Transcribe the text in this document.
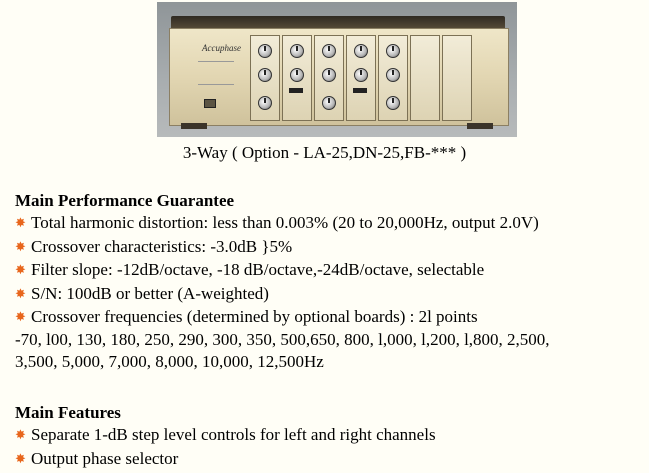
Accuphase
3-Way ( Option - LA-25,DN-25,FB-*** )
Main Performance Guarantee
✸ Total harmonic distortion: less than 0.003% (20 to 20,000Hz, output 2.0V)
✸ Crossover characteristics: -3.0dB }5%
✸ Filter slope: -12dB/octave, -18 dB/octave,-24dB/octave, selectable
✸ S/N: 100dB or better (A-weighted)
✸ Crossover frequencies (determined by optional boards) : 2l points
-70, l00, 130, 180, 250, 290, 300, 350, 500,650, 800, l,000, l,200, l,800, 2,500,
3,500, 5,000, 7,000, 8,000, 10,000, 12,500Hz
Main Features
✸ Separate 1-dB step level controls for left and right channels
✸ Output phase selector
